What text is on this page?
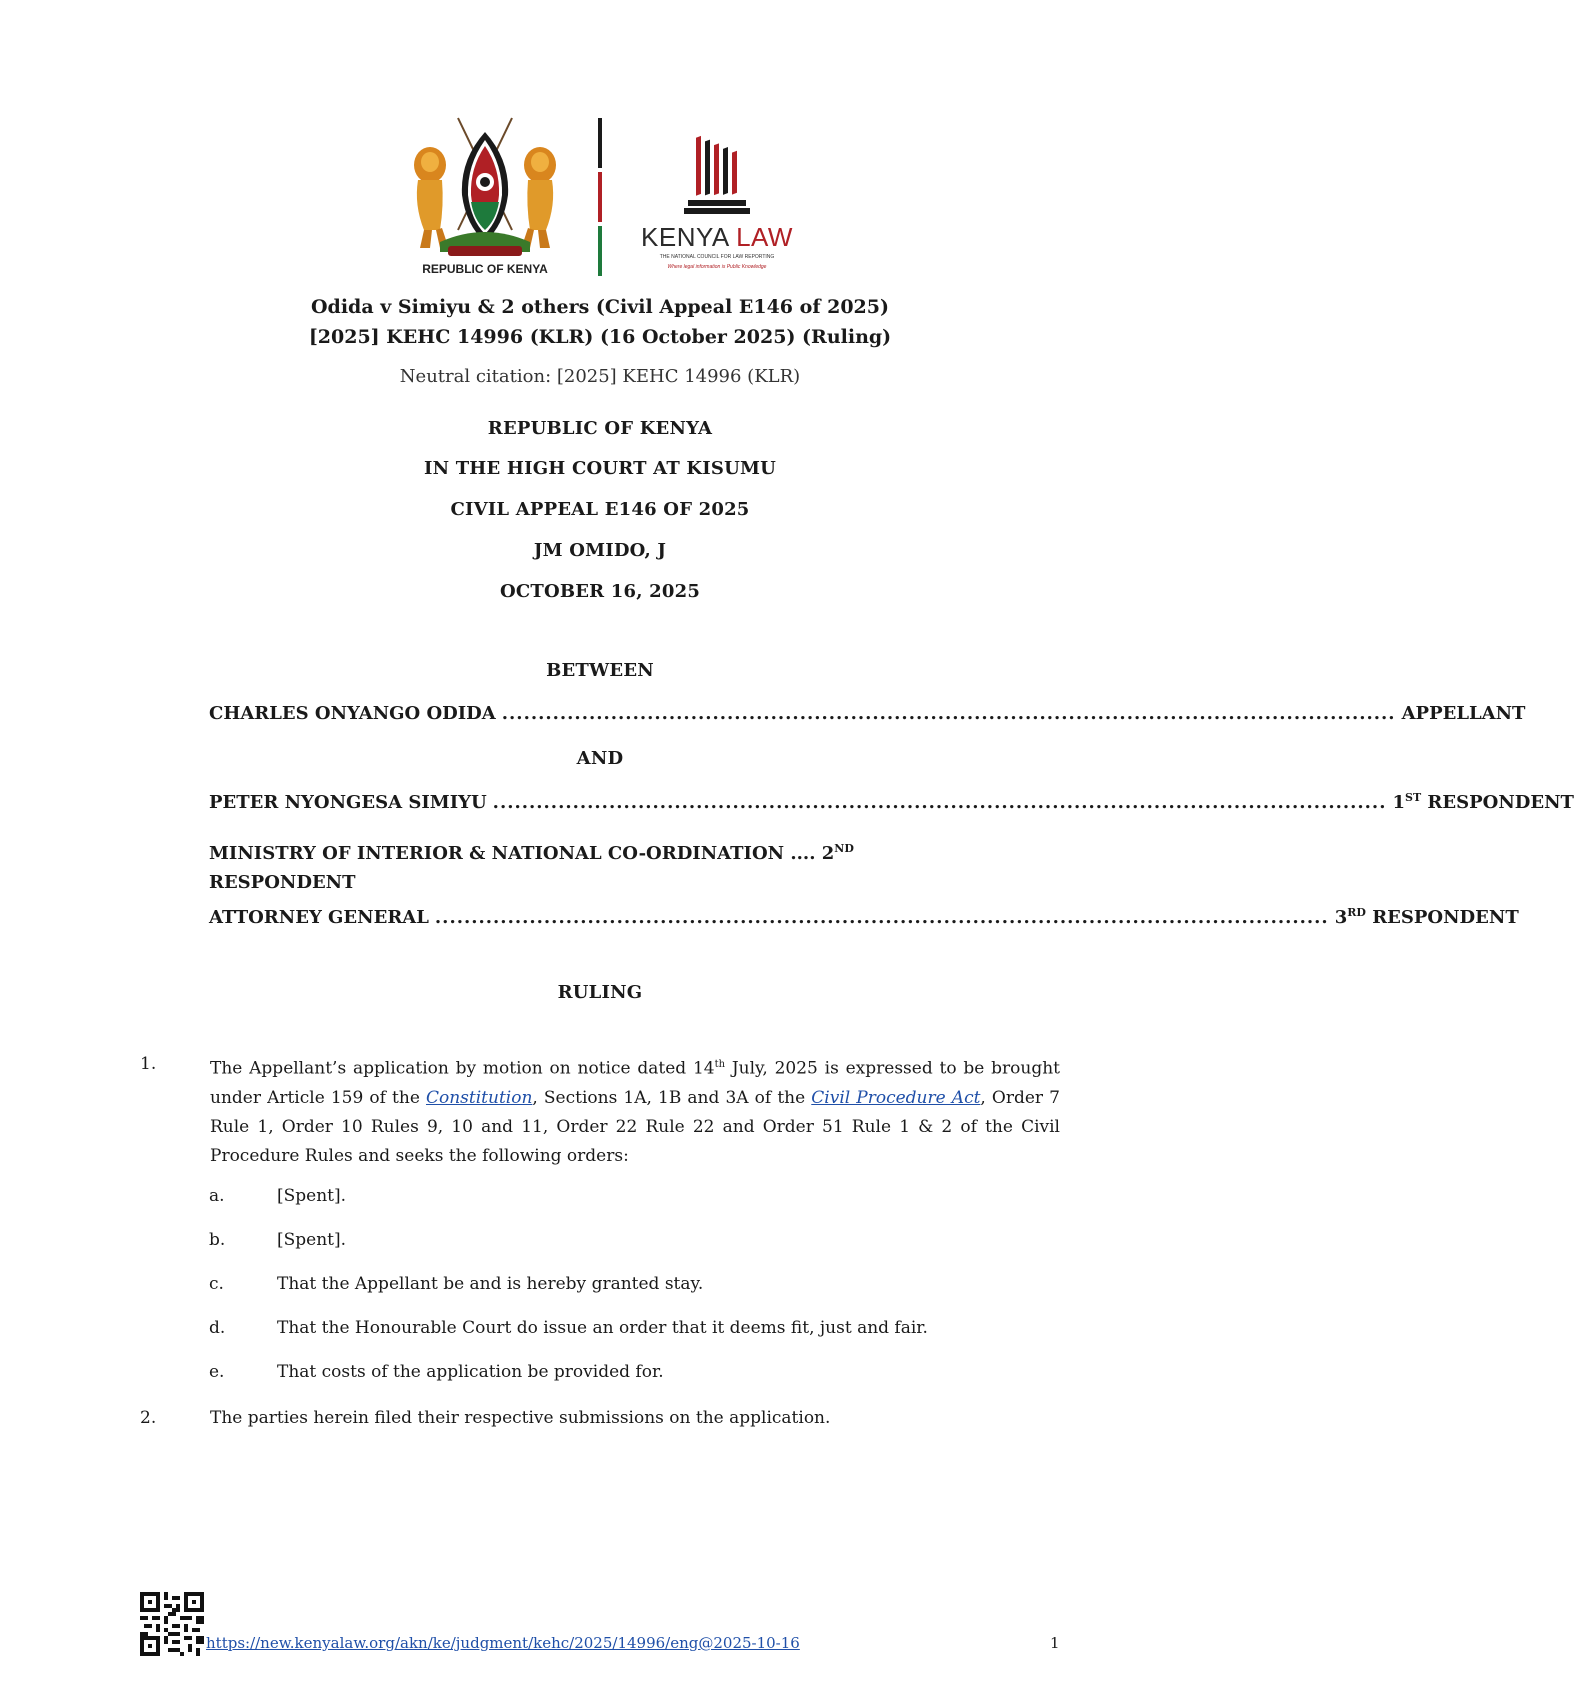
REPUBLIC OF KENYA
KENYA LAW
THE NATIONAL COUNCIL FOR LAW REPORTING
Where legal information is Public Knowledge
Odida v Simiyu & 2 others (Civil Appeal E146 of 2025)
[2025] KEHC 14996 (KLR) (16 October 2025) (Ruling)
Neutral citation: [2025] KEHC 14996 (KLR)
REPUBLIC OF KENYA
IN THE HIGH COURT AT KISUMU
CIVIL APPEAL E146 OF 2025
JM OMIDO, J
OCTOBER 16, 2025
BETWEEN
CHARLES ONYANGO ODIDA ........................................................................................................................... APPELLANT
AND
PETER NYONGESA SIMIYU ........................................................................................................................... 1ST RESPONDENT
MINISTRY OF INTERIOR & NATIONAL CO-ORDINATION .... 2ND
RESPONDENT
ATTORNEY GENERAL ........................................................................................................................... 3RD RESPONDENT
RULING
1.	The Appellant’s application by motion on notice dated 14th July, 2025 is expressed to be brought under Article 159 of the Constitution, Sections 1A, 1B and 3A of the Civil Procedure Act, Order 7 Rule 1, Order 10 Rules 9, 10 and 11, Order 22 Rule 22 and Order 51 Rule 1 & 2 of the Civil Procedure Rules and seeks the following orders:
a.	[Spent].
b.	[Spent].
c.	That the Appellant be and is hereby granted stay.
d.	That the Honourable Court do issue an order that it deems fit, just and fair.
e.	That costs of the application be provided for.
2.	The parties herein filed their respective submissions on the application.
https://new.kenyalaw.org/akn/ke/judgment/kehc/2025/14996/eng@2025-10-16	1
